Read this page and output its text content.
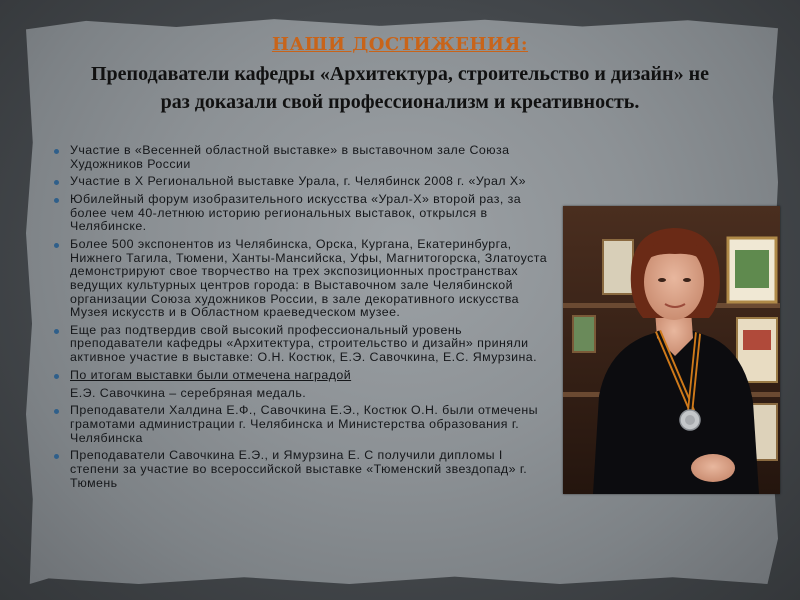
НАШИ ДОСТИЖЕНИЯ:
Преподаватели кафедры «Архитектура, строительство и дизайн» не
раз доказали свой профессионализм и креативность.
Участие в «Весенней областной выставке» в выставочном зале Союза Художников России
Участие в X Региональной выставке Урала, г. Челябинск 2008 г. «Урал X»
Юбилейный форум изобразительного искусства «Урал-X» второй раз, за более чем 40-летнюю историю региональных выставок, открылся в Челябинске.
Более 500 экспонентов из Челябинска, Орска, Кургана, Екатеринбурга, Нижнего Тагила, Тюмени, Ханты-Мансийска, Уфы, Магнитогорска, Златоуста демонстрируют свое творчество на трех экспозиционных пространствах ведущих культурных центров города: в Выставочном зале Челябинской организации Союза художников России, в зале декоративного искусства Музея искусств и в Областном краеведческом музее.
Еще раз подтвердив свой высокий профессиональный уровень преподаватели кафедры «Архитектура, строительство и дизайн» приняли активное участие в выставке: О.Н. Костюк, Е.Э. Савочкина, Е.С. Ямурзина.
По итогам выставки были отмечена наградой
Е.Э. Савочкина – серебряная медаль.
Преподаватели Халдина Е.Ф., Савочкина Е.Э., Костюк О.Н. были отмечены грамотами администрации г. Челябинска и Министерства образования г. Челябинска
Преподаватели Савочкина Е.Э., и Ямурзина Е. С получили дипломы I степени за участие во всероссийской выставке «Тюменский звездопад» г. Тюмень
